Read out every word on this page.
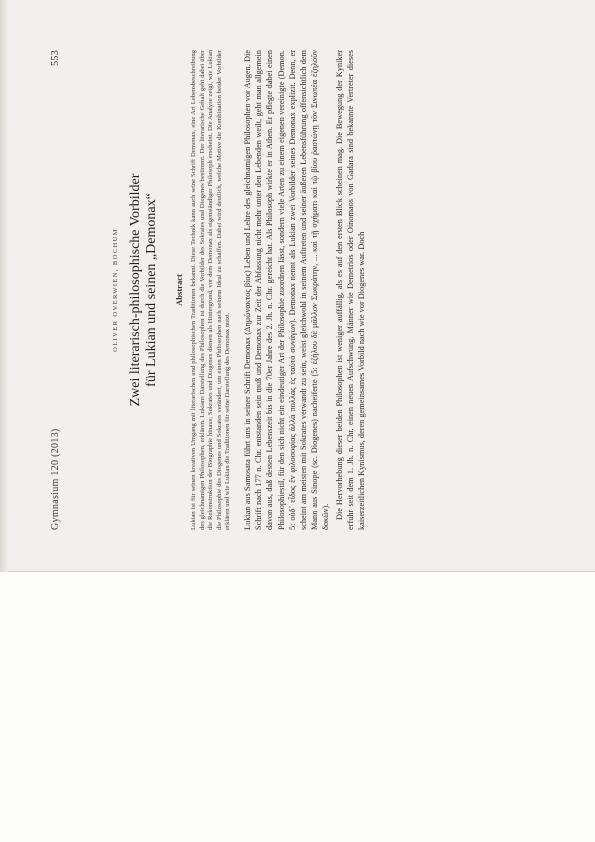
Gymnasium 120 (2013)
553
OLIVER OVERWIEN, BOCHUM Zwei literarisch-philosophische Vorbilder für Lukian und seinen „Demonax“ Abstract Lukian ist für seinen kreativen Umgang mit literarischen und philosophischen Traditionen bekannt. Diese Technik kann auch seine Schrift Demonax, eine Art Lebensbeschreibung des gleichnamigen Philosophen, erklären. Lukians Darstellung des Philosophen ist durch die Vorbilder des Sokrates und Diogenes bestimmt. Der literarische Gehalt geht dabei über die Rekonstruktion der Biographie hinaus; Sokrates und Diogenes dienen als Hintergrund, vor dem Demonax als eigenständiger Philosoph erscheint. Die Analyse zeigt, wie Lukian die Philosophie des Diogenes und Sokrates verändert, um einen Philosophen nach seinem Ideal zu schaffen. Dabei wird deutlich, welche Motive die Kombination beider Vorbilder erklären und wie Lukian die Traditionen für seine Darstellung des Demonax nutzt. Lukian aus Samosata führt uns in seiner Schrift Demonax (Δημώνακτος βίος) Leben und Lehre des gleichnamigen Philosophen vor Augen. Die Schrift nach 177 n. Chr. entstanden sein muß und Demonax zur Zeit der Abfassung nicht mehr unter den Lebenden weilt, geht man allgemein davon aus, daß dessen Lebenszeit bis in die 70er Jahre des 2. Jh. n. Chr. gereicht hat. Als Philosoph wirkte er in Athen. Er pflegte dabei einen Philosophiestil, für den sich nicht ein eindeutiger Art der Philosophie zuordnen lässt, sondern viele Arten zu einem eigenen vereinigte (Demon. 5: οὐδ᾽ εἶδος ἓν φιλοσοφίας ἀλλὰ πολλὰς ἐς ταὐτὸ συνάγων). Demonax nennt als Lukian zwei Vorbilder seines Demonax explizit. Denn, er scheint am meisten mit Sokrates verwandt zu sein, weist gleichwohl in seinem Auftreten und seiner äußeren Lebensführung offensichtlich dem Mann aus Sinope (sc. Diogenes) nacheiferte (5: ἐζήλου δὲ μᾶλλον Σωκράτην, ... καὶ τῇ σχήματι καὶ τῷ βίου ῥαστώνῃ τὸν Σινωπέα ἐζηλοῦν δοκῶν). Die Hervorhebung dieser beiden Philosophen ist weniger auffällig, als es auf den ersten Blick scheinen mag. Die Bewegung der Kyniker erfuhr seit dem 1. Jh. n. Chr. einen neuen Aufschwung, Männer wie Demetrios oder Oinomaos von Gadara sind bekannte Vertreter dieses kaiserzeitlichen Kynismus, deren gemeinsames Vorbild nach wie vor Diogenes war. Doch
